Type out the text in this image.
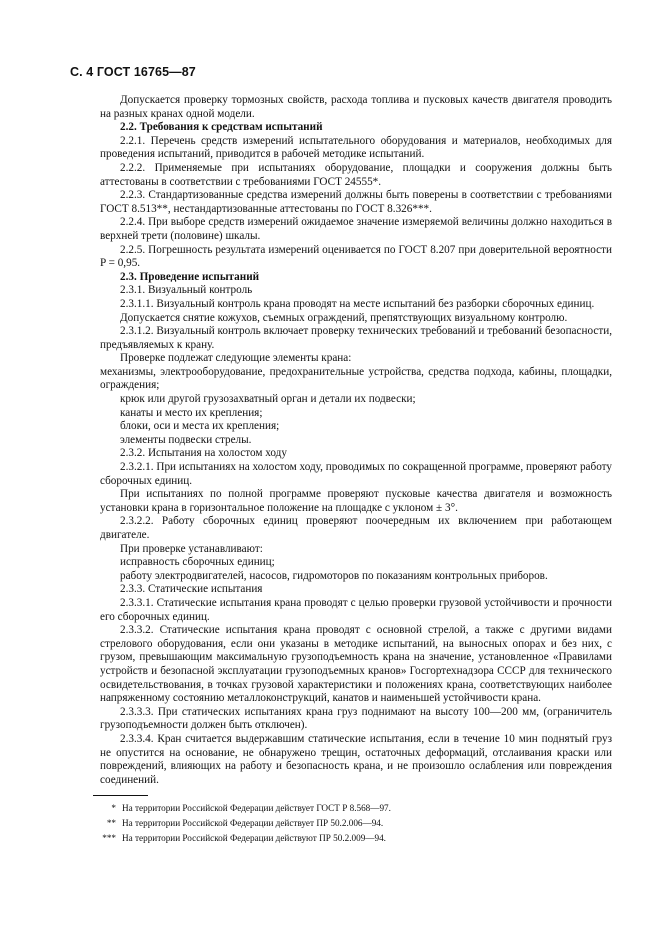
С. 4 ГОСТ 16765—87

Допускается проверку тормозных свойств, расхода топлива и пусковых качеств двигателя проводить на разных кранах одной модели.

2.2. Требования к средствам испытаний

2.2.1. Перечень средств измерений испытательного оборудования и материалов, необходимых для проведения испытаний, приводится в рабочей методике испытаний.

2.2.2. Применяемые при испытаниях оборудование, площадки и сооружения должны быть аттестованы в соответствии с требованиями ГОСТ 24555*.

2.2.3. Стандартизованные средства измерений должны быть поверены в соответствии с требованиями ГОСТ 8.513**, нестандартизованные аттестованы по ГОСТ 8.326***.

2.2.4. При выборе средств измерений ожидаемое значение измеряемой величины должно находиться в верхней трети (половине) шкалы.

2.2.5. Погрешность результата измерений оценивается по ГОСТ 8.207 при доверительной вероятности P = 0,95.

2.3. Проведение испытаний

2.3.1. Визуальный контроль

2.3.1.1. Визуальный контроль крана проводят на месте испытаний без разборки сборочных единиц.

Допускается снятие кожухов, съемных ограждений, препятствующих визуальному контролю.

2.3.1.2. Визуальный контроль включает проверку технических требований и требований безопасности, предъявляемых к крану.

Проверке подлежат следующие элементы крана:

механизмы, электрооборудование, предохранительные устройства, средства подхода, кабины, площадки, ограждения;

крюк или другой грузозахватный орган и детали их подвески;

канаты и место их крепления;

блоки, оси и места их крепления;

элементы подвески стрелы.

2.3.2. Испытания на холостом ходу

2.3.2.1. При испытаниях на холостом ходу, проводимых по сокращенной программе, проверяют работу сборочных единиц.

При испытаниях по полной программе проверяют пусковые качества двигателя и возможность установки крана в горизонтальное положение на площадке с уклоном ± 3°.

2.3.2.2. Работу сборочных единиц проверяют поочередным их включением при работающем двигателе.

При проверке устанавливают:

исправность сборочных единиц;

работу электродвигателей, насосов, гидромоторов по показаниям контрольных приборов.

2.3.3. Статические испытания

2.3.3.1. Статические испытания крана проводят с целью проверки грузовой устойчивости и прочности его сборочных единиц.

2.3.3.2. Статические испытания крана проводят с основной стрелой, а также с другими видами стрелового оборудования, если они указаны в методике испытаний, на выносных опорах и без них, с грузом, превышающим максимальную грузоподъемность крана на значение, установленное «Правилами устройств и безопасной эксплуатации грузоподъемных кранов» Госгортехнадзора СССР для технического освидетельствования, в точках грузовой характеристики и положениях крана, соответствующих наиболее напряженному состоянию металлоконструкций, канатов и наименьшей устойчивости крана.

2.3.3.3. При статических испытаниях крана груз поднимают на высоту 100—200 мм, (ограничитель грузоподъемности должен быть отключен).

2.3.3.4. Кран считается выдержавшим статические испытания, если в течение 10 мин поднятый груз не опустится на основание, не обнаружено трещин, остаточных деформаций, отслаивания краски или повреждений, влияющих на работу и безопасность крана, и не произошло ослабления или повреждения соединений.

* На территории Российской Федерации действует ГОСТ Р 8.568—97.
** На территории Российской Федерации действует ПР 50.2.006—94.
*** На территории Российской Федерации действуют ПР 50.2.009—94.
